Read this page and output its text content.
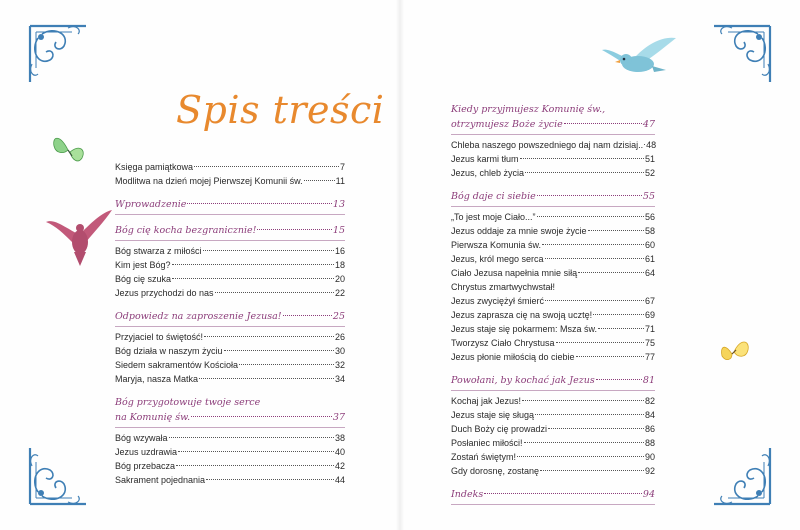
Spis treści
Księga pamiątkowa	7
Modlitwa na dzień mojej Pierwszej Komunii św.	11
Wprowadzenie	13
Bóg cię kocha bezgranicznie!	15
Bóg stwarza z miłości	16
Kim jest Bóg?	18
Bóg cię szuka	20
Jezus przychodzi do nas	22
Odpowiedz na zaproszenie Jezusa!	25
Przyjaciel to świętość!	26
Bóg działa w naszym życiu	30
Siedem sakramentów Kościoła	32
Maryja, nasza Matka	34
Bóg przygotowuje twoje serce
na Komunię św.	37
Bóg wzywała	38
Jezus uzdrawia	40
Bóg przebacza	42
Sakrament pojednania	44
Kiedy przyjmujesz Komunię św.,
otrzymujesz Boże życie	47
Chleba naszego powszedniego daj nam dzisiaj.. 48
Jezus karmi tłum	51
Jezus, chleb życia	52
Bóg daje ci siebie	55
„To jest moje Ciało...”	56
Jezus oddaje za mnie swoje życie	58
Pierwsza Komunia św.	60
Jezus, król mego serca	61
Ciało Jezusa napełnia mnie siłą	64
Chrystus zmartwychwstał!
Jezus zwyciężył śmierć	67
Jezus zaprasza cię na swoją ucztę!	69
Jezus staje się pokarmem: Msza św.	71
Tworzysz Ciało Chrystusa	75
Jezus płonie miłością do ciebie	77
Powołani, by kochać jak Jezus	81
Kochaj jak Jezus!	82
Jezus staje się sługą	84
Duch Boży cię prowadzi	86
Posłaniec miłości!	88
Zostań świętym!	90
Gdy dorosnę, zostanę	92
Indeks	94
